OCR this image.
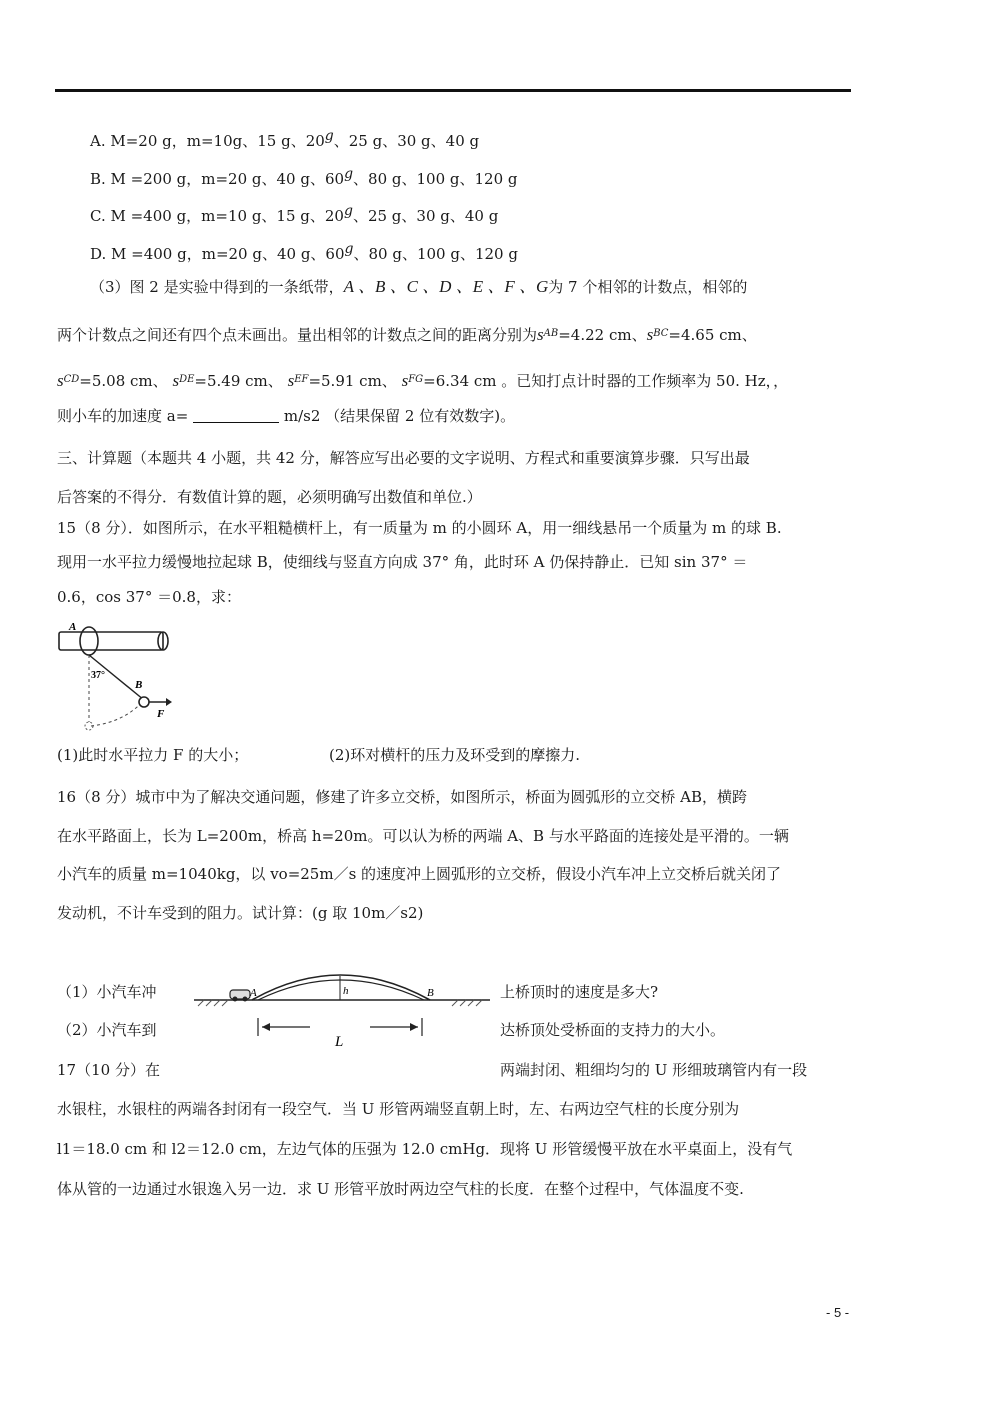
A. M=20 g，m=10g、15 g、20g、25 g、30 g、40 g
B. M =200 g，m=20 g、40 g、60g、80 g、100 g、120 g
C. M =400 g，m=10 g、15 g、20g、25 g、30 g、40 g
D. M =400 g，m=20 g、40 g、60g、80 g、100 g、120 g
（3）图 2 是实验中得到的一条纸带，A 、B 、C 、D 、E 、F 、G为 7 个相邻的计数点，相邻的
两个计数点之间还有四个点未画出。量出相邻的计数点之间的距离分别为$s^{AB}=4.22$ cm、$s^{BC}=4.65$ cm、
$s^{CD}=5.08$ cm、 $s^{DE}=5.49$ cm、 $s^{EF}=5.91$ cm、 $s^{FG}=6.34$ cm 。已知打点计时器的工作频率为 50. Hz，，
则小车的加速度 a=	m/s2 （结果保留 2 位有效数字)。
三、计算题（本题共 4 小题，共 42 分，解答应写出必要的文字说明、方程式和重要演算步骤．只写出最
后答案的不得分．有数值计算的题，必须明确写出数值和单位.）
15（8 分）．如图所示，在水平粗糙横杆上，有一质量为 m 的小圆环 A，用一细线悬吊一个质量为 m 的球 B.
现用一水平拉力缓慢地拉起球 B，使细线与竖直方向成 37° 角，此时环 A 仍保持静止．已知 sin 37° ＝
0.6，cos 37° ＝0.8，求：
A
37°
B
F
(1)此时水平拉力 F 的大小；	(2)环对横杆的压力及环受到的摩擦力.
16（8 分）城市中为了解决交通问题，修建了许多立交桥，如图所示，桥面为圆弧形的立交桥 AB，横跨
在水平路面上，长为 L=200m，桥高 h=20m。可以认为桥的两端 A、B 与水平路面的连接处是平滑的。一辆
小汽车的质量 m=1040kg，以 vo=25m／s 的速度冲上圆弧形的立交桥，假设小汽车冲上立交桥后就关闭了
发动机，不计车受到的阻力。试计算：(g 取 10m／s2)
（1）小汽车冲	上桥顶时的速度是多大?
（2）小汽车到	达桥顶处受桥面的支持力的大小。
A	B
h
L
17（10 分）在	两端封闭、粗细均匀的 U 形细玻璃管内有一段
水银柱，水银柱的两端各封闭有一段空气．当 U 形管两端竖直朝上时，左、右两边空气柱的长度分别为
l1＝18.0 cm 和 l2＝12.0 cm，左边气体的压强为 12.0 cmHg．现将 U 形管缓慢平放在水平桌面上，没有气
体从管的一边通过水银逸入另一边．求 U 形管平放时两边空气柱的长度．在整个过程中，气体温度不变.
- 5 -
